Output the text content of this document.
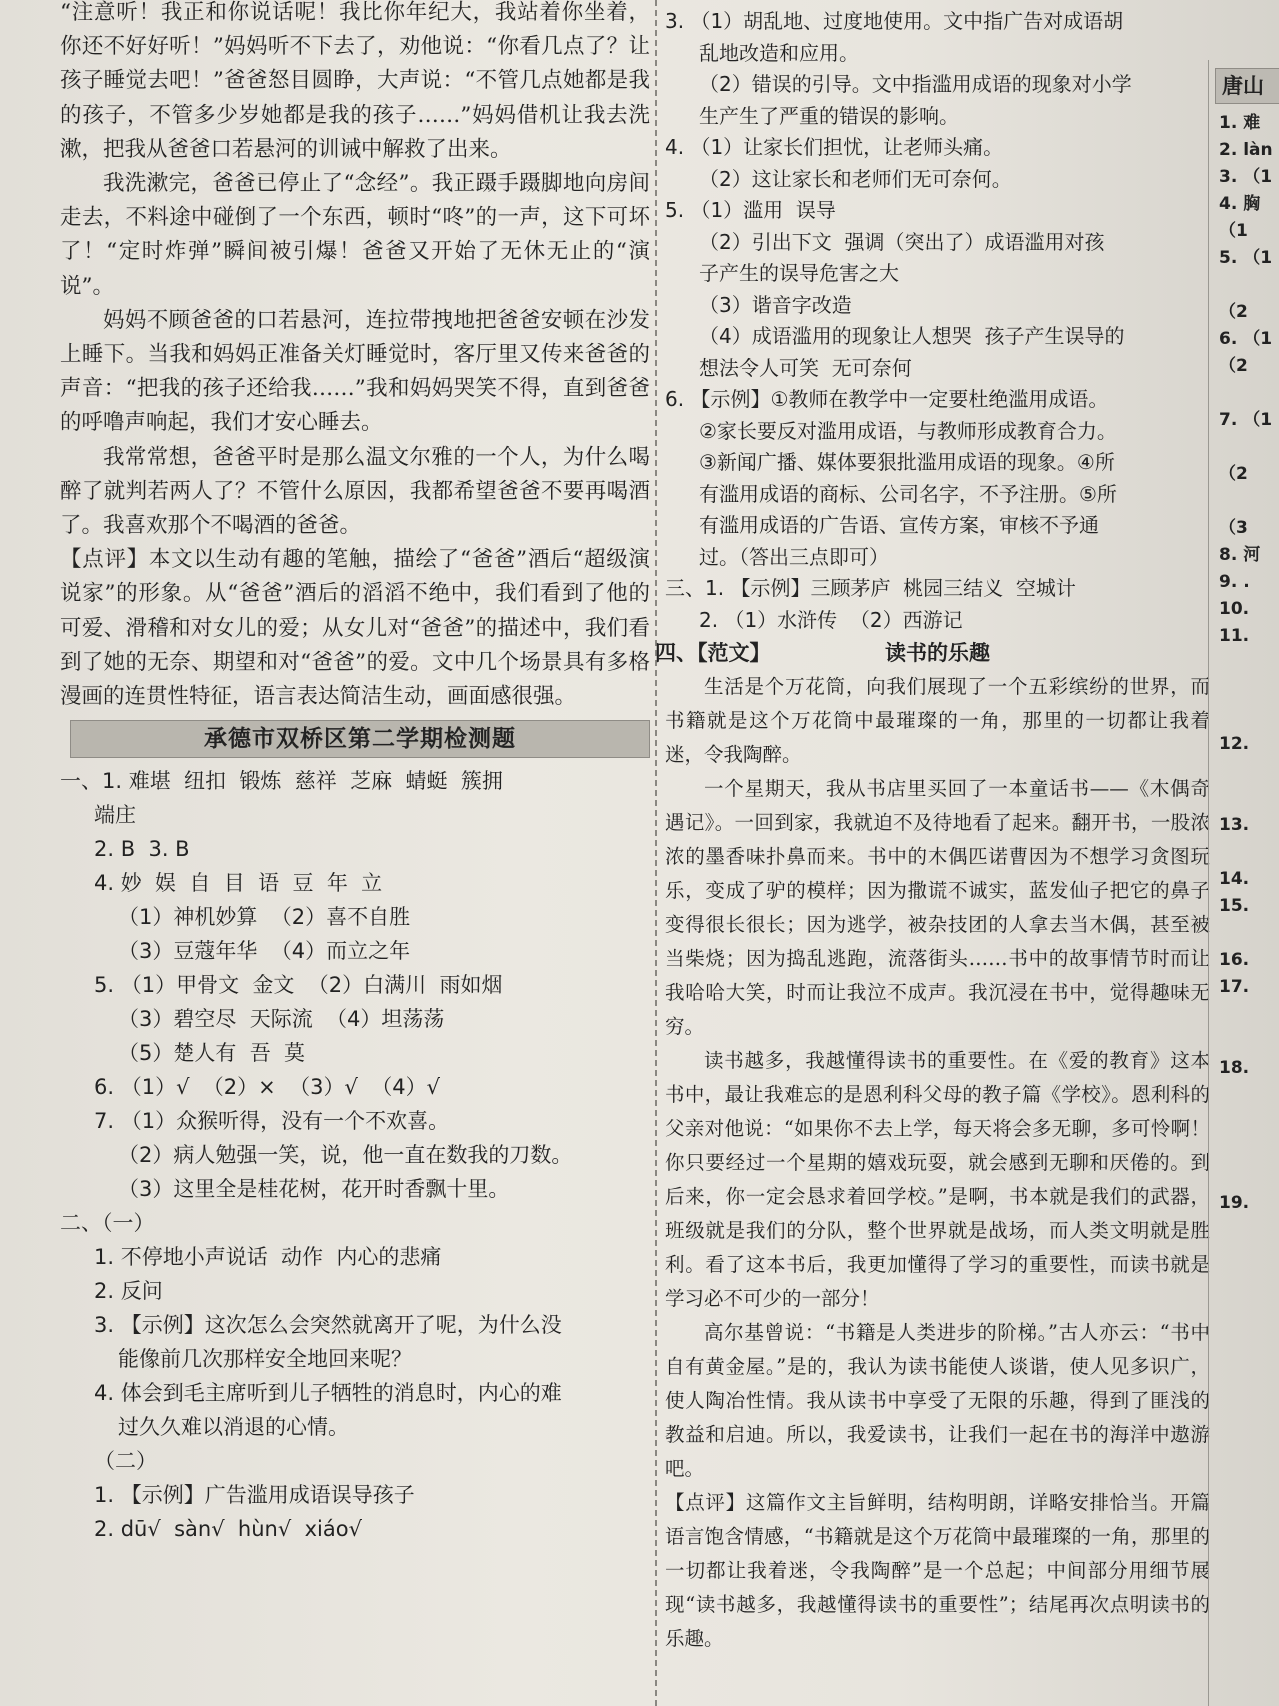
“注意听！我正和你说话呢！我比你年纪大，我站着你坐着，你还不好好听！”妈妈听不下去了，劝他说：“你看几点了？让孩子睡觉去吧！”爸爸怒目圆睁，大声说：“不管几点她都是我的孩子，不管多少岁她都是我的孩子……”妈妈借机让我去洗漱，把我从爸爸口若悬河的训诫中解救了出来。

我洗漱完，爸爸已停止了“念经”。我正蹑手蹑脚地向房间走去，不料途中碰倒了一个东西，顿时“咚”的一声，这下可坏了！“定时炸弹”瞬间被引爆！爸爸又开始了无休无止的“演说”。

妈妈不顾爸爸的口若悬河，连拉带拽地把爸爸安顿在沙发上睡下。当我和妈妈正准备关灯睡觉时，客厅里又传来爸爸的声音：“把我的孩子还给我……”我和妈妈哭笑不得，直到爸爸的呼噜声响起，我们才安心睡去。

我常常想，爸爸平时是那么温文尔雅的一个人，为什么喝醉了就判若两人了？不管什么原因，我都希望爸爸不要再喝酒了。我喜欢那个不喝酒的爸爸。

【点评】本文以生动有趣的笔触，描绘了“爸爸”酒后“超级演说家”的形象。从“爸爸”酒后的滔滔不绝中，我们看到了他的可爱、滑稽和对女儿的爱；从女儿对“爸爸”的描述中，我们看到了她的无奈、期望和对“爸爸”的爱。文中几个场景具有多格漫画的连贯性特征，语言表达简洁生动，画面感很强。

承德市双桥区第二学期检测题

一、1. 难堪  纽扣  锻炼  慈祥  芝麻  蜻蜓  簇拥

端庄

2. B  3. B

4. 妙  娱  自  目  语  豆  年  立

（1）神机妙算  （2）喜不自胜

（3）豆蔻年华  （4）而立之年

5. （1）甲骨文  金文  （2）白满川  雨如烟

（3）碧空尽  天际流  （4）坦荡荡

（5）楚人有  吾  莫

6. （1）√  （2）×  （3）√  （4）√

7. （1）众猴听得，没有一个不欢喜。

（2）病人勉强一笑，说，他一直在数我的刀数。

（3）这里全是桂花树，花开时香飘十里。

二、（一）

1. 不停地小声说话  动作  内心的悲痛

2. 反问

3. 【示例】这次怎么会突然就离开了呢，为什么没

能像前几次那样安全地回来呢？

4. 体会到毛主席听到儿子牺牲的消息时，内心的难

过久久难以消退的心情。

（二）

1. 【示例】广告滥用成语误导孩子

2. dū√  sàn√  hùn√  xiáo√

3. （1）胡乱地、过度地使用。文中指广告对成语胡

乱地改造和应用。

（2）错误的引导。文中指滥用成语的现象对小学

生产生了严重的错误的影响。

4. （1）让家长们担忧，让老师头痛。

（2）这让家长和老师们无可奈何。

5. （1）滥用  误导

（2）引出下文  强调（突出了）成语滥用对孩

子产生的误导危害之大

（3）谐音字改造

（4）成语滥用的现象让人想哭  孩子产生误导的

想法令人可笑  无可奈何

6. 【示例】①教师在教学中一定要杜绝滥用成语。

②家长要反对滥用成语，与教师形成教育合力。

③新闻广播、媒体要狠批滥用成语的现象。④所

有滥用成语的商标、公司名字，不予注册。⑤所

有滥用成语的广告语、宣传方案，审核不予通

过。（答出三点即可）

三、1. 【示例】三顾茅庐  桃园三结义  空城计

2. （1）水浒传  （2）西游记

四、【范文】	读书的乐趣

生活是个万花筒，向我们展现了一个五彩缤纷的世界，而书籍就是这个万花筒中最璀璨的一角，那里的一切都让我着迷，令我陶醉。

一个星期天，我从书店里买回了一本童话书——《木偶奇遇记》。一回到家，我就迫不及待地看了起来。翻开书，一股浓浓的墨香味扑鼻而来。书中的木偶匹诺曹因为不想学习贪图玩乐，变成了驴的模样；因为撒谎不诚实，蓝发仙子把它的鼻子变得很长很长；因为逃学，被杂技团的人拿去当木偶，甚至被当柴烧；因为捣乱逃跑，流落街头……书中的故事情节时而让我哈哈大笑，时而让我泣不成声。我沉浸在书中，觉得趣味无穷。

读书越多，我越懂得读书的重要性。在《爱的教育》这本书中，最让我难忘的是恩利科父母的教子篇《学校》。恩利科的父亲对他说：“如果你不去上学，每天将会多无聊，多可怜啊！你只要经过一个星期的嬉戏玩耍，就会感到无聊和厌倦的。到后来，你一定会恳求着回学校。”是啊，书本就是我们的武器，班级就是我们的分队，整个世界就是战场，而人类文明就是胜利。看了这本书后，我更加懂得了学习的重要性，而读书就是学习必不可少的一部分！

高尔基曾说：“书籍是人类进步的阶梯。”古人亦云：“书中自有黄金屋。”是的，我认为读书能使人谈谐，使人见多识广，使人陶冶性情。我从读书中享受了无限的乐趣，得到了匪浅的教益和启迪。所以，我爱读书，让我们一起在书的海洋中遨游吧。

【点评】这篇作文主旨鲜明，结构明朗，详略安排恰当。开篇语言饱含情感，“书籍就是这个万花筒中最璀璨的一角，那里的一切都让我着迷，令我陶醉”是一个总起；中间部分用细节展现“读书越多，我越懂得读书的重要性”；结尾再次点明读书的乐趣。

唐山
1. 难
2. làn
3. （1
4. 胸
（1
5. （1

（2
6. （1
（2

7. （1

（2

（3
8. 河
9. .
10.
11.

12.

13.

14.
15.

16.
17.

18.

19.
